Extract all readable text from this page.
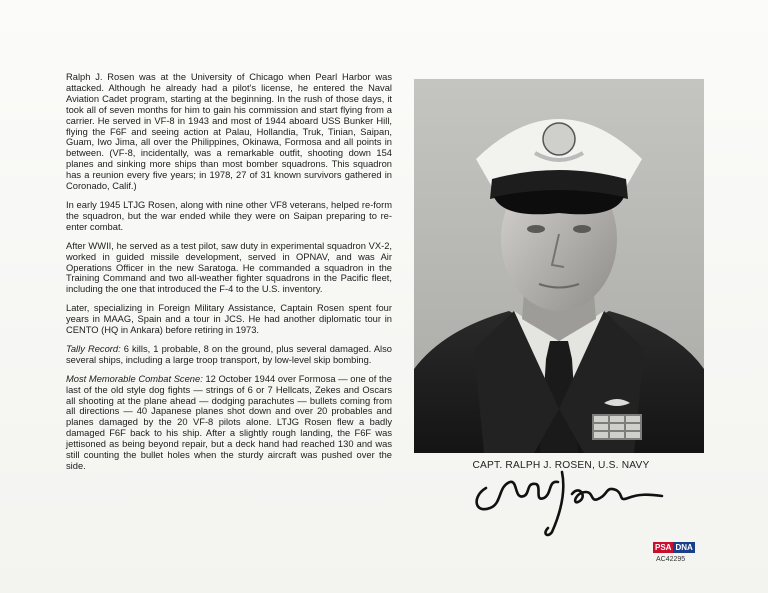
Ralph J. Rosen was at the University of Chicago when Pearl Harbor was attacked. Although he already had a pilot's license, he entered the Naval Aviation Cadet program, starting at the beginning. In the rush of those days, it took all of seven months for him to gain his commission and start flying from a carrier. He served in VF-8 in 1943 and most of 1944 aboard USS Bunker Hill, flying the F6F and seeing action at Palau, Hollandia, Truk, Tinian, Saipan, Guam, Iwo Jima, all over the Philippines, Okinawa, Formosa and all points in between. (VF-8, incidentally, was a remarkable outfit, shooting down 154 planes and sinking more ships than most bomber squadrons. This squadron has a reunion every five years; in 1978, 27 of 31 known survivors gathered in Coronado, Calif.)

In early 1945 LTJG Rosen, along with nine other VF8 veterans, helped re-form the squadron, but the war ended while they were on Saipan preparing to re-enter combat.

After WWII, he served as a test pilot, saw duty in experimental squadron VX-2, worked in guided missile development, served in OPNAV, and was Air Operations Officer in the new Saratoga. He commanded a squadron in the Training Command and two all-weather fighter squadrons in the Pacific fleet, including the one that introduced the F-4 to the U.S. inventory.

Later, specializing in Foreign Military Assistance, Captain Rosen spent four years in MAAG, Spain and a tour in JCS. He had another diplomatic tour in CENTO (HQ in Ankara) before retiring in 1973.

Tally Record: 6 kills, 1 probable, 8 on the ground, plus several damaged. Also several ships, including a large troop transport, by low-level skip bombing.

Most Memorable Combat Scene: 12 October 1944 over Formosa — one of the last of the old style dog fights — strings of 6 or 7 Hellcats, Zekes and Oscars all shooting at the plane ahead — dodging parachutes — bullets coming from all directions — 40 Japanese planes shot down and over 20 probables and planes damaged by the 20 VF-8 pilots alone. LTJG Rosen flew a badly damaged F6F back to his ship. After a slightly rough landing, the F6F was jettisoned as being beyond repair, but a deck hand had reached 130 and was still counting the bullet holes when the sturdy aircraft was pushed over the side.	CAPT. RALPH J. ROSEN, U.S. NAVY
PSA DNA
AC42295
